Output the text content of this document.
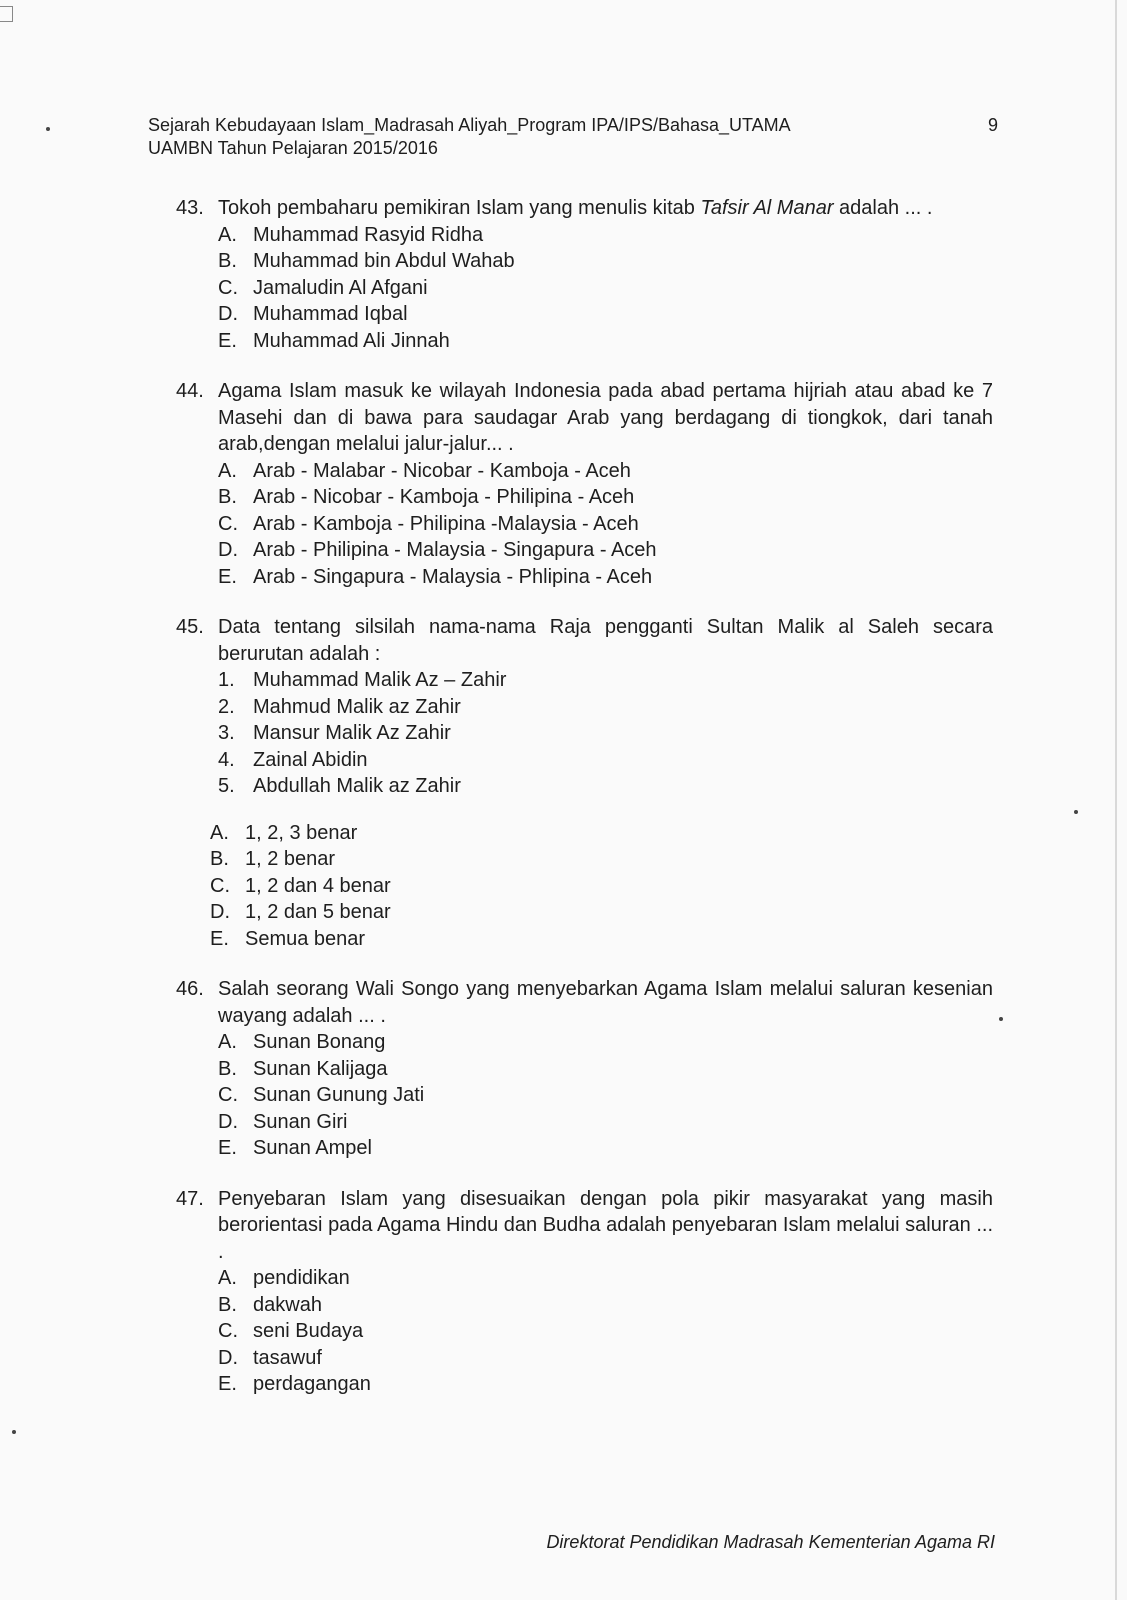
Sejarah Kebudayaan Islam_Madrasah Aliyah_Program IPA/IPS/Bahasa_UTAMA	9
UAMBN Tahun Pelajaran 2015/2016
43. Tokoh pembaharu pemikiran Islam yang menulis kitab Tafsir Al Manar adalah ... .
A. Muhammad Rasyid Ridha
B. Muhammad bin Abdul Wahab
C. Jamaludin Al Afgani
D. Muhammad Iqbal
E. Muhammad Ali Jinnah
44. Agama Islam masuk ke wilayah Indonesia pada abad pertama hijriah atau abad ke 7 Masehi dan di bawa para saudagar Arab yang berdagang di tiongkok, dari tanah arab,dengan melalui jalur-jalur... .
A. Arab - Malabar - Nicobar - Kamboja - Aceh
B. Arab - Nicobar - Kamboja - Philipina - Aceh
C. Arab - Kamboja - Philipina -Malaysia - Aceh
D. Arab - Philipina - Malaysia - Singapura - Aceh
E. Arab - Singapura - Malaysia - Phlipina - Aceh
45. Data tentang silsilah nama-nama Raja pengganti Sultan Malik al Saleh secara berurutan adalah :
1. Muhammad Malik Az – Zahir
2. Mahmud Malik az Zahir
3. Mansur Malik Az Zahir
4. Zainal Abidin
5. Abdullah Malik az Zahir
A. 1, 2, 3 benar
B. 1, 2 benar
C. 1, 2 dan 4 benar
D. 1, 2 dan 5 benar
E. Semua benar
46. Salah seorang Wali Songo yang menyebarkan Agama Islam melalui saluran kesenian wayang adalah ... .
A. Sunan Bonang
B. Sunan Kalijaga
C. Sunan Gunung Jati
D. Sunan Giri
E. Sunan Ampel
47. Penyebaran Islam yang disesuaikan dengan pola pikir masyarakat yang masih berorientasi pada Agama Hindu dan Budha adalah penyebaran Islam melalui saluran ... .
A. pendidikan
B. dakwah
C. seni Budaya
D. tasawuf
E. perdagangan
Direktorat Pendidikan Madrasah Kementerian Agama RI
